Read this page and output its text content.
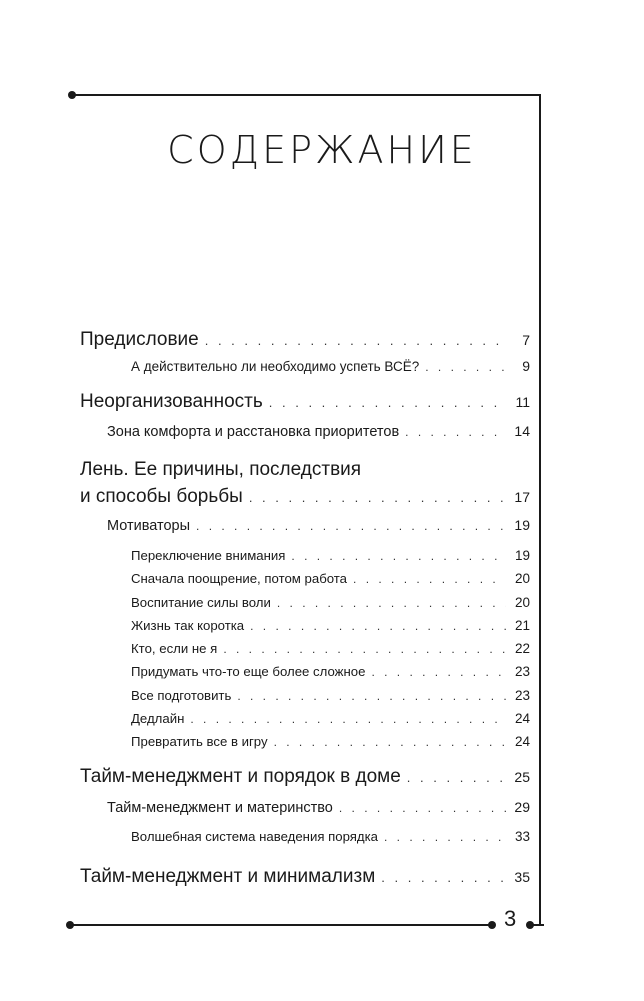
СОДЕРЖАНИЕ
Предисловие . . .	7
А действительно ли необходимо успеть ВСЁ? . . .	9
Неорганизованность . . .	11
Зона комфорта и расстановка приоритетов . . .	14
Лень. Ее причины, последствия
и способы борьбы . . .	17
Мотиваторы . . .	19
Переключение внимания . . .	19
Сначала поощрение, потом работа . . .	20
Воспитание силы воли . . .	20
Жизнь так коротка . . .	21
Кто, если не я . . .	22
Придумать что-то еще более сложное . . .	23
Все подготовить . . .	23
Дедлайн . . .	24
Превратить все в игру . . .	24
Тайм-менеджмент и порядок в доме . . .	25
Тайм-менеджмент и материнство . . .	29
Волшебная система наведения порядка . . .	33
Тайм-менеджмент и минимализм . . .	35
3
